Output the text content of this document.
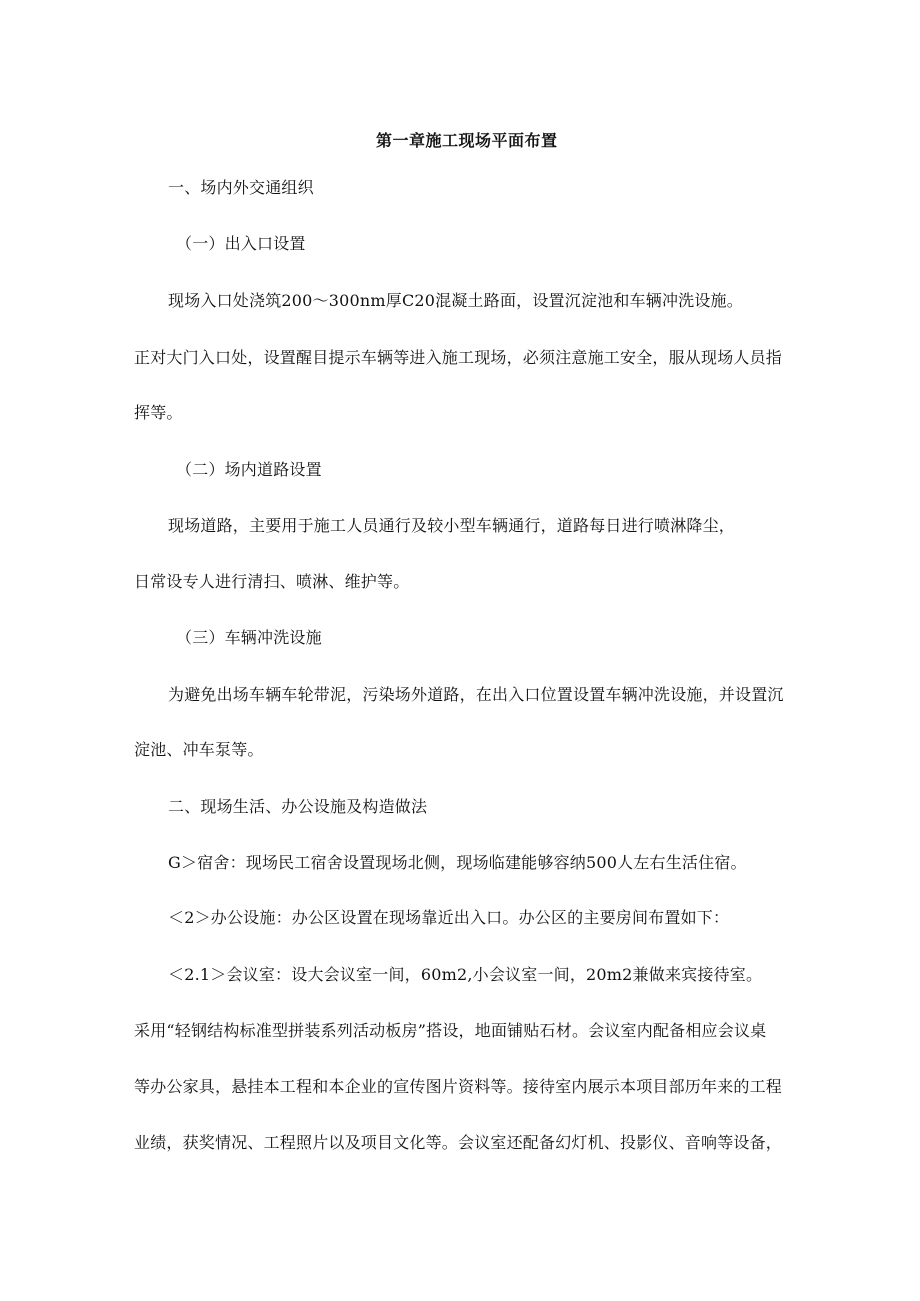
第一章施工现场平面布置
一、场内外交通组织
（一）出入口设置
现场入口处浇筑200～300nm厚C20混凝土路面，设置沉淀池和车辆冲洗设施。
正对大门入口处，设置醒目提示车辆等进入施工现场，必须注意施工安全，服从现场人员指
挥等。
（二）场内道路设置
现场道路，主要用于施工人员通行及较小型车辆通行，道路每日进行喷淋降尘，
日常设专人进行清扫、喷淋、维护等。
（三）车辆冲洗设施
为避免出场车辆车轮带泥，污染场外道路，在出入口位置设置车辆冲洗设施，并设置沉
淀池、冲车泵等。
二、现场生活、办公设施及构造做法
G＞宿舍：现场民工宿舍设置现场北侧，现场临建能够容纳500人左右生活住宿。
＜2＞办公设施：办公区设置在现场靠近出入口。办公区的主要房间布置如下：
＜2.1＞会议室：设大会议室一间，60m2,小会议室一间，20m2兼做来宾接待室。
采用“轻钢结构标准型拼装系列活动板房”搭设，地面铺贴石材。会议室内配备相应会议桌
等办公家具，悬挂本工程和本企业的宣传图片资料等。接待室内展示本项目部历年来的工程
业绩，获奖情况、工程照片以及项目文化等。会议室还配备幻灯机、投影仪、音响等设备，
